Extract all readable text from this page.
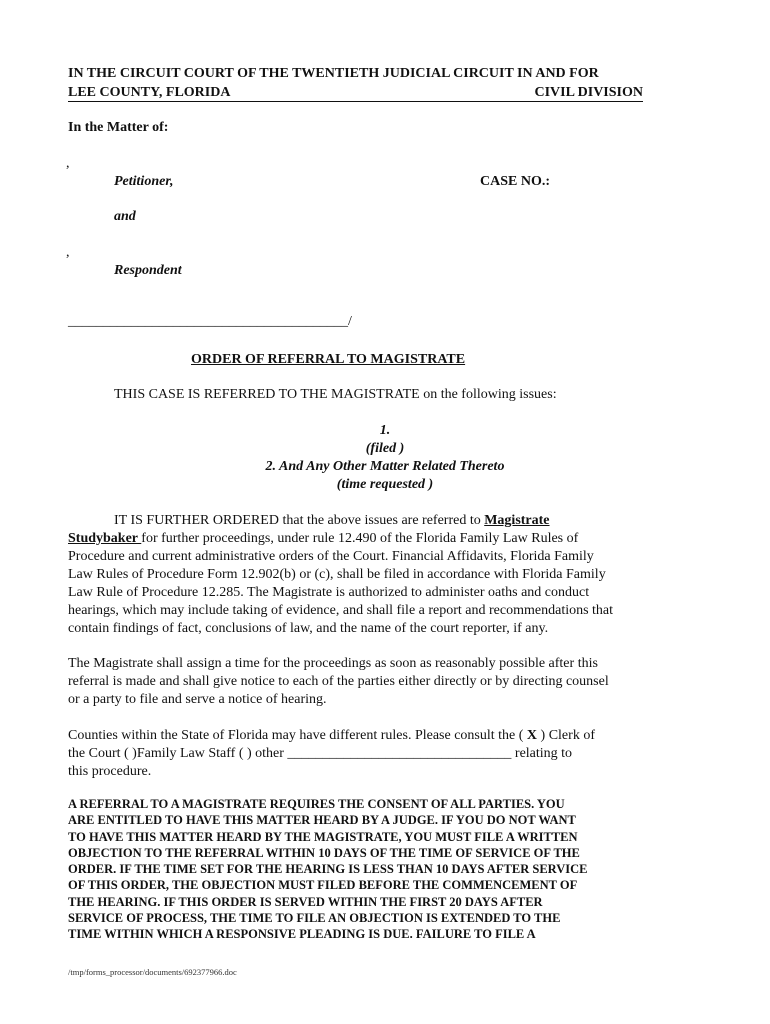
IN THE CIRCUIT COURT OF THE TWENTIETH JUDICIAL CIRCUIT IN AND FOR
LEE COUNTY, FLORIDA	CIVIL DIVISION
In the Matter of:
,
Petitioner,	CASE NO.:
and
,
Respondent
________________________________________/
ORDER OF REFERRAL TO MAGISTRATE
THIS CASE IS REFERRED TO THE MAGISTRATE on the following issues:
1.
(filed )
2. And Any Other Matter Related Thereto
(time requested )
IT IS FURTHER ORDERED that the above issues are referred to Magistrate
Studybaker for further proceedings, under rule 12.490 of the Florida Family Law Rules of
Procedure and current administrative orders of the Court. Financial Affidavits, Florida Family
Law Rules of Procedure Form 12.902(b) or (c), shall be filed in accordance with Florida Family
Law Rule of Procedure 12.285. The Magistrate is authorized to administer oaths and conduct
hearings, which may include taking of evidence, and shall file a report and recommendations that
contain findings of fact, conclusions of law, and the name of the court reporter, if any.
The Magistrate shall assign a time for the proceedings as soon as reasonably possible after this
referral is made and shall give notice to each of the parties either directly or by directing counsel
or a party to file and serve a notice of hearing.
Counties within the State of Florida may have different rules. Please consult the ( X ) Clerk of
the Court ( )Family Law Staff ( ) other ________________________________ relating to
this procedure.
A REFERRAL TO A MAGISTRATE REQUIRES THE CONSENT OF ALL PARTIES. YOU
ARE ENTITLED TO HAVE THIS MATTER HEARD BY A JUDGE. IF YOU DO NOT WANT
TO HAVE THIS MATTER HEARD BY THE MAGISTRATE, YOU MUST FILE A WRITTEN
OBJECTION TO THE REFERRAL WITHIN 10 DAYS OF THE TIME OF SERVICE OF THE
ORDER. IF THE TIME SET FOR THE HEARING IS LESS THAN 10 DAYS AFTER SERVICE
OF THIS ORDER, THE OBJECTION MUST FILED BEFORE THE COMMENCEMENT OF
THE HEARING. IF THIS ORDER IS SERVED WITHIN THE FIRST 20 DAYS AFTER
SERVICE OF PROCESS, THE TIME TO FILE AN OBJECTION IS EXTENDED TO THE
TIME WITHIN WHICH A RESPONSIVE PLEADING IS DUE. FAILURE TO FILE A
/tmp/forms_processor/documents/692377966.doc
